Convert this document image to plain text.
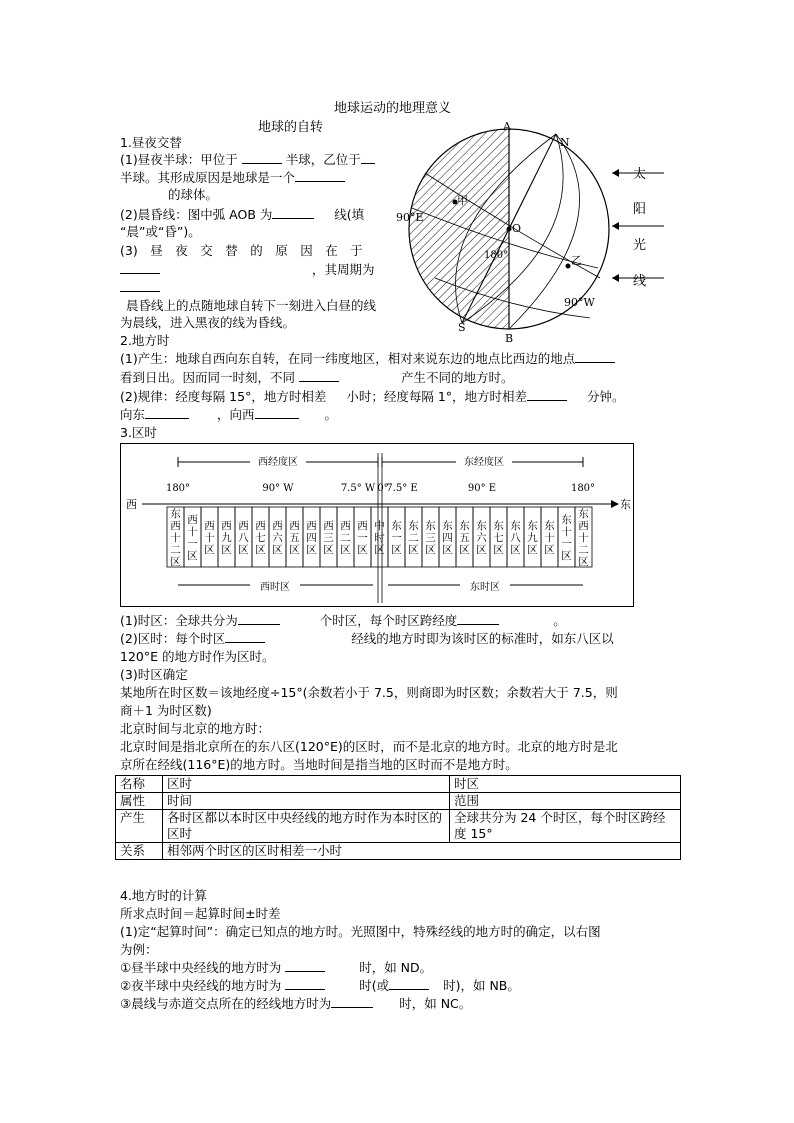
地球运动的地理意义
地球的自转
1.昼夜交替
(1)昼夜半球：甲位于	半球，乙位于
半球。其形成原因是地球是一个
的球体。
(2)晨昏线：图中弧 AOB 为	线(填
“晨”或“昏”)。
(3)　昼　夜　交　替　的　原　因　在　于
，其周期为
晨昏线上的点随地球自转下一刻进入白昼的线
为晨线，进入黑夜的线为昏线。
A
N
甲
O
180°	乙
90°E
90°W
S
B
太
阳
光
线
2.地方时
(1)产生：地球自西向东自转，在同一纬度地区，相对来说东边的地点比西边的地点
看到日出。因而同一时刻，不同	产生不同的地方时。
(2)规律：经度每隔 15°，地方时相差 小时；经度每隔 1°，地方时相差	分钟。
向东	，向西	。
3.区时
西经度区	东经度区
180°	90° W	7.5° W 0°
7.5° E	90° E	180°
西	东
东西十二区
西十一区
西十区
西九区
西八区
西七区
西六区
西五区
西四区
西三区
西二区
西一区
中时区
东一区
东二区
东三区
东四区
东五区
东六区
东七区
东八区
东九区
东十区
东十一区
东西十二区
西时区	东时区
(1)时区：全球共分为	个时区，每个时区跨经度	。
(2)区时：每个时区	经线的地方时即为该时区的标准时，如东八区以
120°E 的地方时作为区时。
(3)时区确定
某地所在时区数＝该地经度÷15°(余数若小于 7.5，则商即为时区数；余数若大于 7.5，则
商＋1 为时区数)
北京时间与北京的地方时：
北京时间是指北京所在的东八区(120°E)的区时，而不是北京的地方时。北京的地方时是北
京所在经线(116°E)的地方时。当地时间是指当地的区时而不是地方时。
名称	区时	时区
属性	时间	范围
产生	各时区都以本时区中央经线的地方时作为本时区的区时	全球共分为 24 个时区，每个时区跨经度 15°
关系	相邻两个时区的区时相差一小时	
4.地方时的计算
所求点时间＝起算时间±时差
(1)定“起算时间”：确定已知点的地方时。光照图中，特殊经线的地方时的确定，以右图
为例：
①昼半球中央经线的地方时为	时，如 ND。
②夜半球中央经线的地方时为	时(或	时)，如 NB。
③晨线与赤道交点所在的经线地方时为	时，如 NC。
